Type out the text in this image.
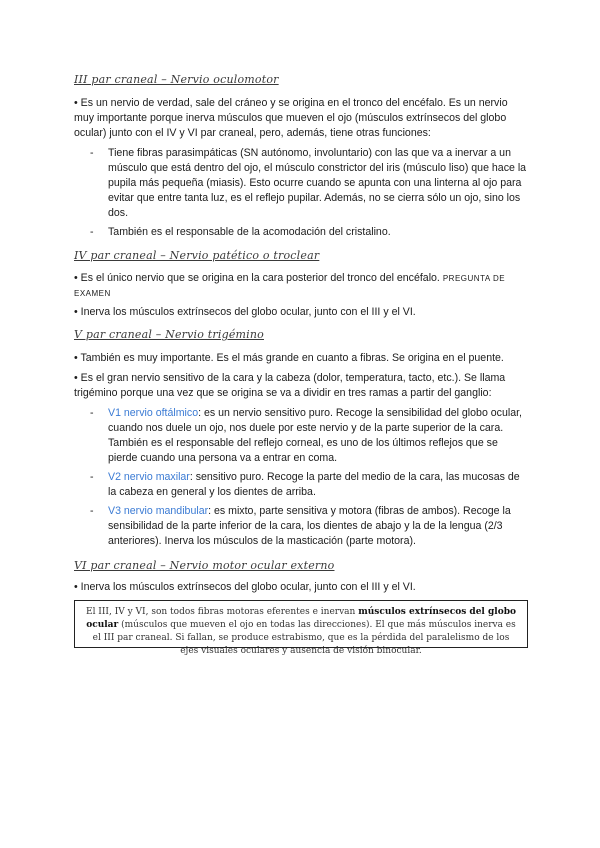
III par craneal – Nervio oculomotor

• Es un nervio de verdad, sale del cráneo y se origina en el tronco del encéfalo. Es un nervio muy importante porque inerva músculos que mueven el ojo (músculos extrínsecos del globo ocular) junto con el IV y VI par craneal, pero, además, tiene otras funciones:

- Tiene fibras parasimpáticas (SN autónomo, involuntario) con las que va a inervar a un músculo que está dentro del ojo, el músculo constrictor del iris (músculo liso) que hace la pupila más pequeña (miasis). Esto ocurre cuando se apunta con una linterna al ojo para evitar que entre tanta luz, es el reflejo pupilar. Además, no se cierra sólo un ojo, sino los dos.

- También es el responsable de la acomodación del cristalino.

IV par craneal – Nervio patético o troclear

• Es el único nervio que se origina en la cara posterior del tronco del encéfalo. PREGUNTA DE EXAMEN

• Inerva los músculos extrínsecos del globo ocular, junto con el III y el VI.

V par craneal – Nervio trigémino

• También es muy importante. Es el más grande en cuanto a fibras. Se origina en el puente.

• Es el gran nervio sensitivo de la cara y la cabeza (dolor, temperatura, tacto, etc.). Se llama trigémino porque una vez que se origina se va a dividir en tres ramas a partir del ganglio:

- V1 nervio oftálmico: es un nervio sensitivo puro. Recoge la sensibilidad del globo ocular, cuando nos duele un ojo, nos duele por este nervio y de la parte superior de la cara. También es el responsable del reflejo corneal, es uno de los últimos reflejos que se pierde cuando una persona va a entrar en coma.

- V2 nervio maxilar: sensitivo puro. Recoge la parte del medio de la cara, las mucosas de la cabeza en general y los dientes de arriba.

- V3 nervio mandibular: es mixto, parte sensitiva y motora (fibras de ambos). Recoge la sensibilidad de la parte inferior de la cara, los dientes de abajo y la de la lengua (2/3 anteriores). Inerva los músculos de la masticación (parte motora).

VI par craneal – Nervio motor ocular externo

• Inerva los músculos extrínsecos del globo ocular, junto con el III y el VI.

El III, IV y VI, son todos fibras motoras eferentes e inervan músculos extrínsecos del globo ocular (músculos que mueven el ojo en todas las direcciones). El que más músculos inerva es el III par craneal. Si fallan, se produce estrabismo, que es la pérdida del paralelismo de los ejes visuales oculares y ausencia de visión binocular.
